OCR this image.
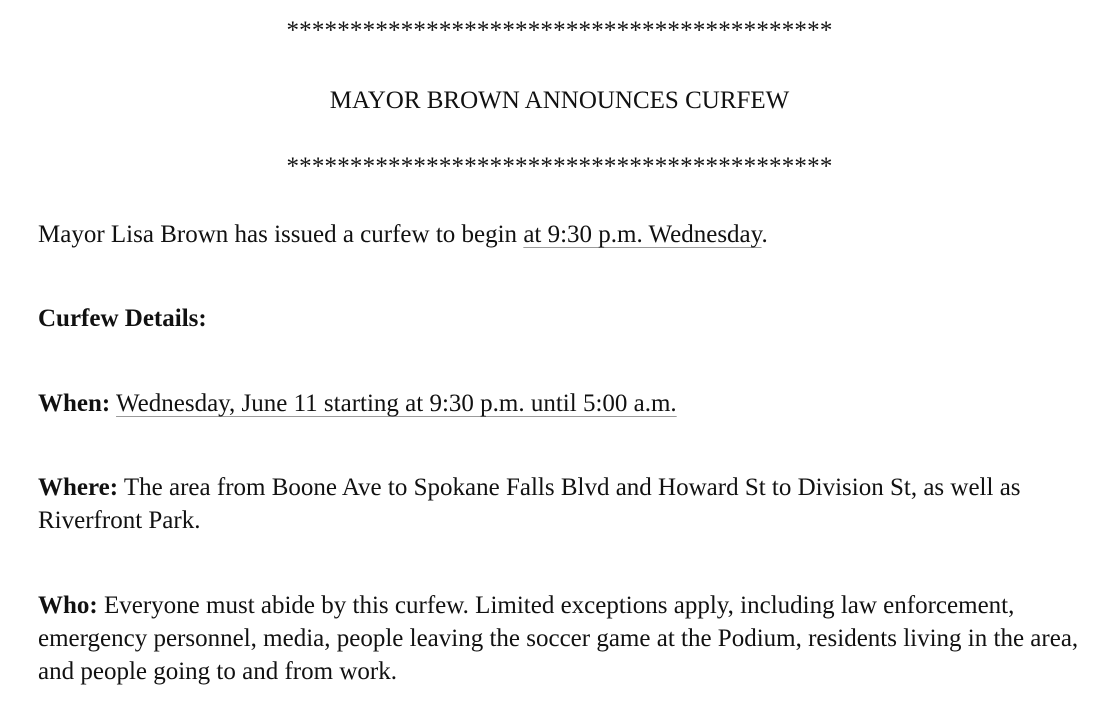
*******************************************
MAYOR BROWN ANNOUNCES CURFEW
*******************************************
Mayor Lisa Brown has issued a curfew to begin at 9:30 p.m. Wednesday.
Curfew Details:
When: Wednesday, June 11 starting at 9:30 p.m. until 5:00 a.m.
Where: The area from Boone Ave to Spokane Falls Blvd and Howard St to Division St, as well as Riverfront Park.
Who: Everyone must abide by this curfew. Limited exceptions apply, including law enforcement, emergency personnel, media, people leaving the soccer game at the Podium, residents living in the area, and people going to and from work.
